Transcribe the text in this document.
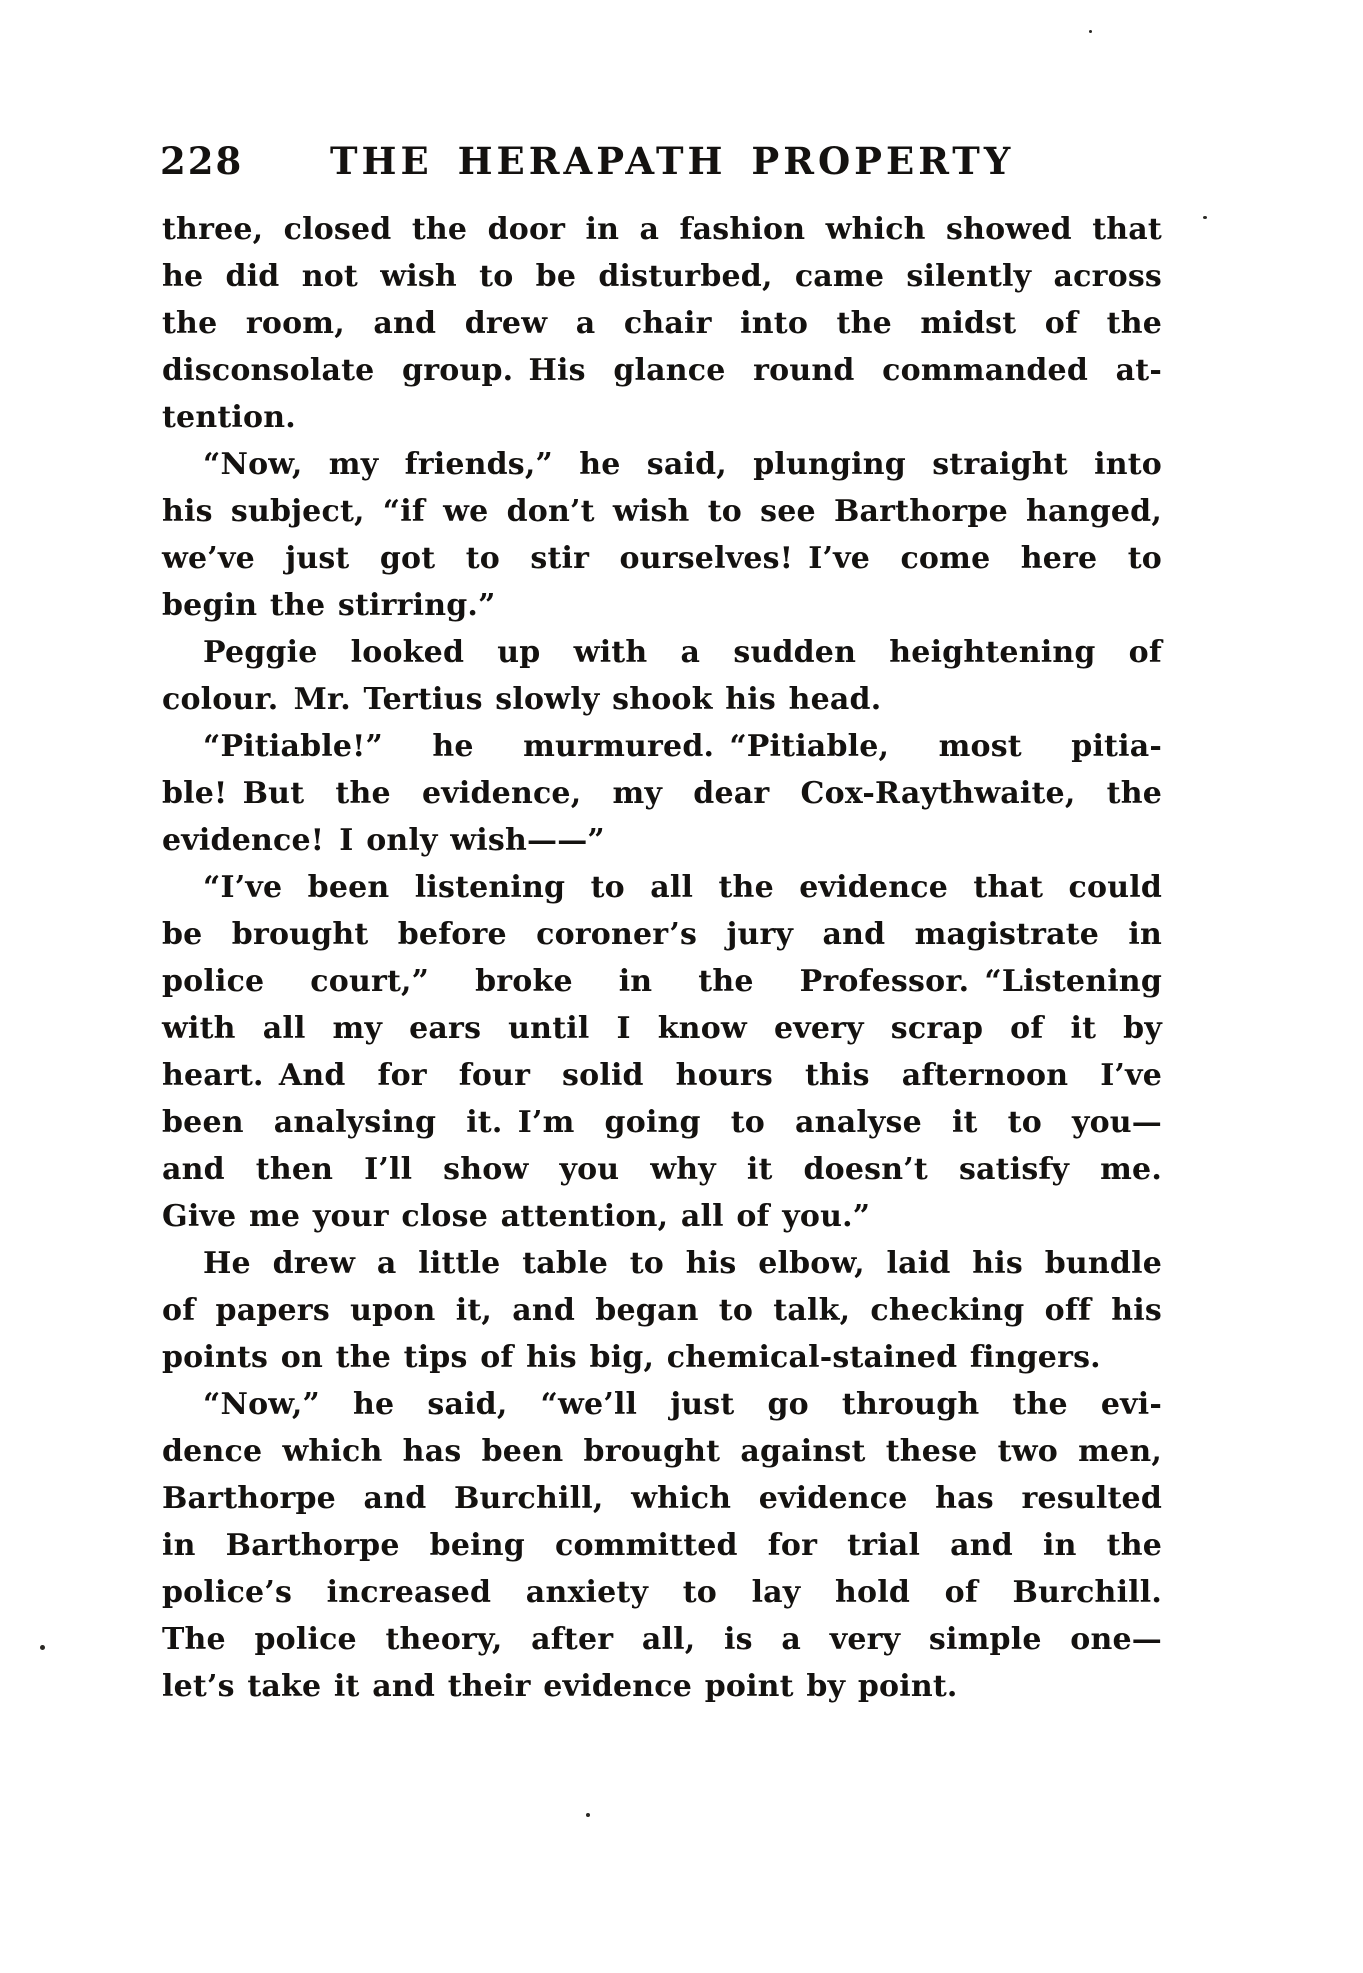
228 THE HERAPATH PROPERTY
three, closed the door in a fashion which showed that
he did not wish to be disturbed, came silently across
the room, and drew a chair into the midst of the
disconsolate group. His glance round commanded at-
tention.
“Now, my friends,” he said, plunging straight into
his subject, “if we don’t wish to see Barthorpe hanged,
we’ve just got to stir ourselves! I’ve come here to
begin the stirring.”
Peggie looked up with a sudden heightening of
colour. Mr. Tertius slowly shook his head.
“Pitiable!” he murmured. “Pitiable, most pitia-
ble! But the evidence, my dear Cox-Raythwaite, the
evidence! I only wish——”
“I’ve been listening to all the evidence that could
be brought before coroner’s jury and magistrate in
police court,” broke in the Professor. “Listening
with all my ears until I know every scrap of it by
heart. And for four solid hours this afternoon I’ve
been analysing it. I’m going to analyse it to you—
and then I’ll show you why it doesn’t satisfy me.
Give me your close attention, all of you.”
He drew a little table to his elbow, laid his bundle
of papers upon it, and began to talk, checking off his
points on the tips of his big, chemical-stained fingers.
“Now,” he said, “we’ll just go through the evi-
dence which has been brought against these two men,
Barthorpe and Burchill, which evidence has resulted
in Barthorpe being committed for trial and in the
police’s increased anxiety to lay hold of Burchill.
The police theory, after all, is a very simple one—
let’s take it and their evidence point by point.
